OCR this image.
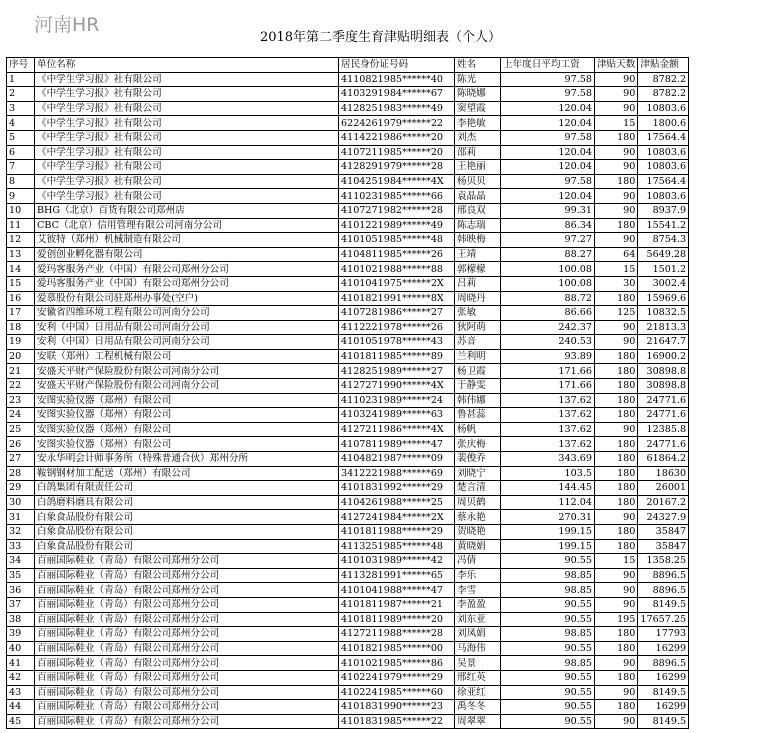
河南HR
2018年第二季度生育津贴明细表（个人）
序号	单位名称	居民身份证号码	姓名	上年度日平均工资	津贴天数	津贴金额
1	《中学生学习报》社有限公司	4110821985******40	陈光	97.58	90	8782.2
2	《中学生学习报》社有限公司	4103291984******67	陈晓娜	97.58	90	8782.2
3	《中学生学习报》社有限公司	4128251983******49	窦望霞	120.04	90	10803.6
4	《中学生学习报》社有限公司	6224261979******22	李艳敏	120.04	15	1800.6
5	《中学生学习报》社有限公司	4114221986******20	刘杰	97.58	180	17564.4
6	《中学生学习报》社有限公司	4107211985******20	邵莉	120.04	90	10803.6
7	《中学生学习报》社有限公司	4128291979******28	王艳丽	120.04	90	10803.6
8	《中学生学习报》社有限公司	4104251984******4X	杨贝贝	97.58	180	17564.4
9	《中学生学习报》社有限公司	4110231985******66	袁晶晶	120.04	90	10803.6
10	BHG（北京）百货有限公司郑州店	4107271982******28	邢良双	99.31	90	8937.9
11	CBC（北京）信用管理有限公司河南分公司	4101221989******49	陈志瑞	86.34	180	15541.2
12	艾彼特（郑州）机械制造有限公司	4101051985******48	韩映梅	97.27	90	8754.3
13	爱创创业孵化器有限公司	4104811985******26	王靖	88.27	64	5649.28
14	爱玛客服务产业（中国）有限公司郑州分公司	4101021988******88	郭檬檬	100.08	15	1501.2
15	爱玛客服务产业（中国）有限公司郑州分公司	4101041975******2X	吕莉	100.08	30	3002.4
16	爱慕股份有限公司驻郑州办事处(空户)	4101821991******8X	周晓丹	88.72	180	15969.6
17	安徽省四维环境工程有限公司河南分公司	4107281986******27	张敏	86.66	125	10832.5
18	安利（中国）日用品有限公司河南分公司	4112221978******26	狄阿萌	242.37	90	21813.3
19	安利（中国）日用品有限公司河南分公司	4101051978******43	苏音	240.53	90	21647.7
20	安联（郑州）工程机械有限公司	4101811985******89	兰利明	93.89	180	16900.2
21	安盛天平财产保险股份有限公司河南分公司	4128251989******27	杨卫霞	171.66	180	30898.8
22	安盛天平财产保险股份有限公司河南分公司	4127271990******4X	于静雯	171.66	180	30898.8
23	安图实验仪器（郑州）有限公司	4110231989******24	韩伟娜	137.62	180	24771.6
24	安图实验仪器（郑州）有限公司	4103241989******63	鲁甚蕊	137.62	180	24771.6
25	安图实验仪器（郑州）有限公司	4127211986******4X	杨帆	137.62	90	12385.8
26	安图实验仪器（郑州）有限公司	4107811989******47	张庆梅	137.62	180	24771.6
27	安永华明会计师事务所（特殊普通合伙）郑州分所	4104821987******09	裴俊乔	343.69	180	61864.2
28	鞍钢钢材加工配送（郑州）有限公司	3412221988******69	刘晓宁	103.5	180	18630
29	白鸽集团有限责任公司	4101831992******29	楚言清	144.45	180	26001
30	白鸽磨料磨具有限公司	4104261988******25	周贝鹤	112.04	180	20167.2
31	白象食品股份有限公司	4127241984******2X	蔡永艳	270.31	90	24327.9
32	白象食品股份有限公司	4101811988******29	贺晓艳	199.15	180	35847
33	白象食品股份有限公司	4113251985******48	黄晓娟	199.15	180	35847
34	百丽国际鞋业（青岛）有限公司郑州分公司	4101031989******42	冯倩	90.55	15	1358.25
35	百丽国际鞋业（青岛）有限公司郑州分公司	4113281991******65	李乐	98.85	90	8896.5
36	百丽国际鞋业（青岛）有限公司郑州分公司	4101041988******47	李雪	98.85	90	8896.5
37	百丽国际鞋业（青岛）有限公司郑州分公司	4101811987******21	李盈盈	90.55	90	8149.5
38	百丽国际鞋业（青岛）有限公司郑州分公司	4101811989******20	刘东亚	90.55	195	17657.25
39	百丽国际鞋业（青岛）有限公司郑州分公司	4127211988******28	刘凤娟	98.85	180	17793
40	百丽国际鞋业（青岛）有限公司郑州分公司	4101821985******00	马海伟	90.55	180	16299
41	百丽国际鞋业（青岛）有限公司郑州分公司	4101021985******86	吴景	98.85	90	8896.5
42	百丽国际鞋业（青岛）有限公司郑州分公司	4102241979******29	邢红英	90.55	180	16299
43	百丽国际鞋业（青岛）有限公司郑州分公司	4102241985******60	徐亚红	90.55	90	8149.5
44	百丽国际鞋业（青岛）有限公司郑州分公司	4101831990******23	禹冬冬	90.55	180	16299
45	百丽国际鞋业（青岛）有限公司郑州分公司	4101831985******22	周翠翠	90.55	90	8149.5
